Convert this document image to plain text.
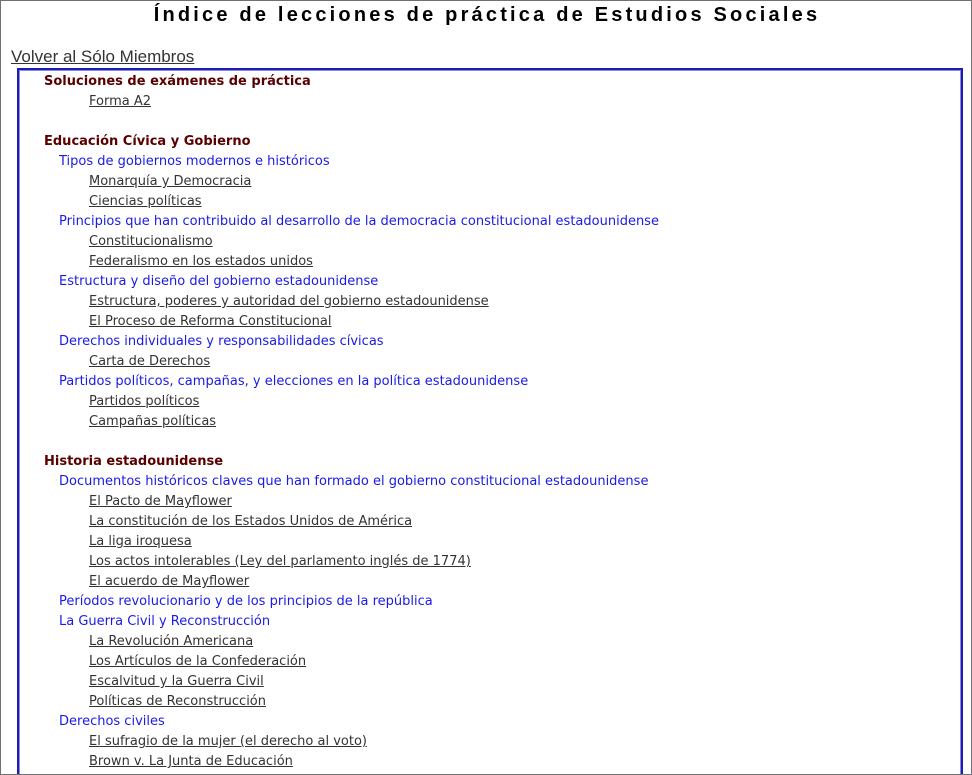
Índice de lecciones de práctica de Estudios Sociales
Volver al Sólo Miembros
Soluciones de exámenes de práctica
Forma A2
Educación Cívica y Gobierno
Tipos de gobiernos modernos e históricos
Monarquía y Democracia
Ciencias políticas
Principios que han contribuido al desarrollo de la democracia constitucional estadounidense
Constitucionalismo
Federalismo en los estados unidos
Estructura y diseño del gobierno estadounidense
Estructura, poderes y autoridad del gobierno estadounidense
El Proceso de Reforma Constitucional
Derechos individuales y responsabilidades cívicas
Carta de Derechos
Partidos políticos, campañas, y elecciones en la política estadounidense
Partidos políticos
Campañas políticas
Historia estadounidense
Documentos históricos claves que han formado el gobierno constitucional estadounidense
El Pacto de Mayflower
La constitución de los Estados Unidos de América
La liga iroquesa
Los actos intolerables (Ley del parlamento inglés de 1774)
El acuerdo de Mayflower
Períodos revolucionario y de los principios de la república
La Guerra Civil y Reconstrucción
La Revolución Americana
Los Artículos de la Confederación
Escalvitud y la Guerra Civil
Políticas de Reconstrucción
Derechos civiles
El sufragio de la mujer (el derecho al voto)
Brown v. La Junta de Educación
